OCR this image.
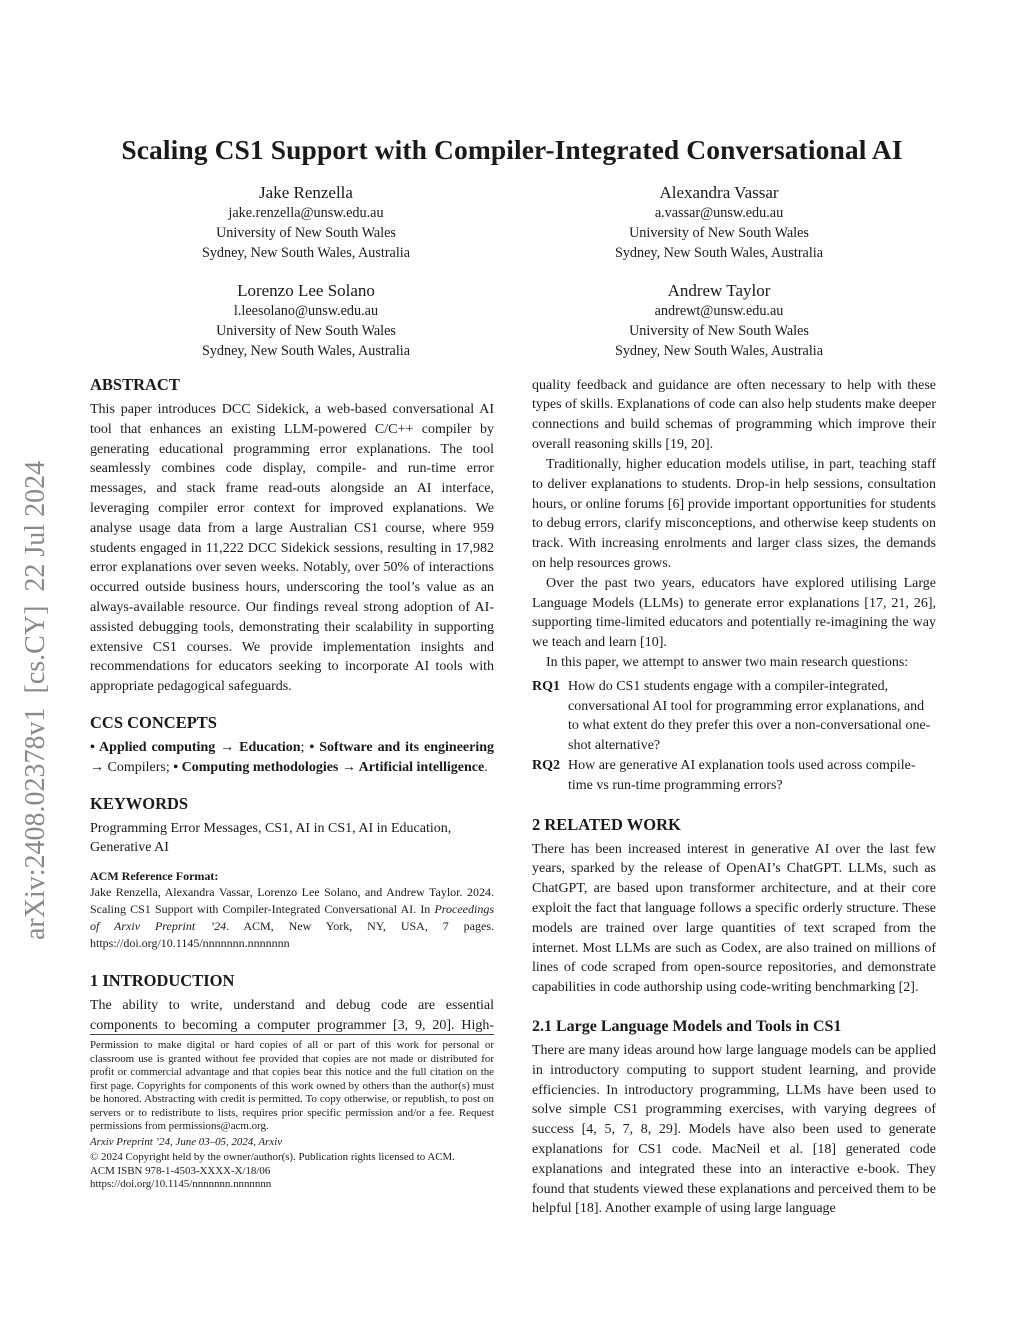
Scaling CS1 Support with Compiler-Integrated Conversational AI
arXiv:2408.02378v1  [cs.CY]  22 Jul 2024
Jake Renzella
jake.renzella@unsw.edu.au
University of New South Wales
Sydney, New South Wales, Australia
Alexandra Vassar
a.vassar@unsw.edu.au
University of New South Wales
Sydney, New South Wales, Australia
Lorenzo Lee Solano
l.leesolano@unsw.edu.au
University of New South Wales
Sydney, New South Wales, Australia
Andrew Taylor
andrewt@unsw.edu.au
University of New South Wales
Sydney, New South Wales, Australia
ABSTRACT

This paper introduces DCC Sidekick, a web-based conversational AI tool that enhances an existing LLM-powered C/C++ compiler by generating educational programming error explanations. The tool seamlessly combines code display, compile- and run-time error messages, and stack frame read-outs alongside an AI interface, leveraging compiler error context for improved explanations. We analyse usage data from a large Australian CS1 course, where 959 students engaged in 11,222 DCC Sidekick sessions, resulting in 17,982 error explanations over seven weeks. Notably, over 50% of interactions occurred outside business hours, underscoring the tool’s value as an always-available resource. Our findings reveal strong adoption of AI-assisted debugging tools, demonstrating their scalability in supporting extensive CS1 courses. We provide implementation insights and recommendations for educators seeking to incorporate AI tools with appropriate pedagogical safeguards.

CCS CONCEPTS

• Applied computing → Education; • Software and its engineering → Compilers; • Computing methodologies → Artificial intelligence.

KEYWORDS

Programming Error Messages, CS1, AI in CS1, AI in Education, Generative AI

ACM Reference Format:

Jake Renzella, Alexandra Vassar, Lorenzo Lee Solano, and Andrew Taylor. 2024. Scaling CS1 Support with Compiler-Integrated Conversational AI. In Proceedings of Arxiv Preprint ’24. ACM, New York, NY, USA, 7 pages. https://doi.org/10.1145/nnnnnnn.nnnnnnn

1 INTRODUCTION

The ability to write, understand and debug code are essential components to becoming a computer programmer [3, 9, 20]. High-

Permission to make digital or hard copies of all or part of this work for personal or classroom use is granted without fee provided that copies are not made or distributed for profit or commercial advantage and that copies bear this notice and the full citation on the first page. Copyrights for components of this work owned by others than the author(s) must be honored. Abstracting with credit is permitted. To copy otherwise, or republish, to post on servers or to redistribute to lists, requires prior specific permission and/or a fee. Request permissions from permissions@acm.org.

Arxiv Preprint ’24, June 03–05, 2024, Arxiv

© 2024 Copyright held by the owner/author(s). Publication rights licensed to ACM.

ACM ISBN 978-1-4503-XXXX-X/18/06

https://doi.org/10.1145/nnnnnnn.nnnnnnn

quality feedback and guidance are often necessary to help with these types of skills. Explanations of code can also help students make deeper connections and build schemas of programming which improve their overall reasoning skills [19, 20].

Traditionally, higher education models utilise, in part, teaching staff to deliver explanations to students. Drop-in help sessions, consultation hours, or online forums [6] provide important opportunities for students to debug errors, clarify misconceptions, and otherwise keep students on track. With increasing enrolments and larger class sizes, the demands on help resources grows.

Over the past two years, educators have explored utilising Large Language Models (LLMs) to generate error explanations [17, 21, 26], supporting time-limited educators and potentially re-imagining the way we teach and learn [10].

In this paper, we attempt to answer two main research questions:

RQ1 How do CS1 students engage with a compiler-integrated, conversational AI tool for programming error explanations, and to what extent do they prefer this over a non-conversational one-shot alternative?
RQ2 How are generative AI explanation tools used across compile-time vs run-time programming errors?
2 RELATED WORK

There has been increased interest in generative AI over the last few years, sparked by the release of OpenAI’s ChatGPT. LLMs, such as ChatGPT, are based upon transformer architecture, and at their core exploit the fact that language follows a specific orderly structure. These models are trained over large quantities of text scraped from the internet. Most LLMs are such as Codex, are also trained on millions of lines of code scraped from open-source repositories, and demonstrate capabilities in code authorship using code-writing benchmarking [2].

2.1 Large Language Models and Tools in CS1

There are many ideas around how large language models can be applied in introductory computing to support student learning, and provide efficiencies. In introductory programming, LLMs have been used to solve simple CS1 programming exercises, with varying degrees of success [4, 5, 7, 8, 29]. Models have also been used to generate explanations for CS1 code. MacNeil et al. [18] generated code explanations and integrated these into an interactive e-book. They found that students viewed these explanations and perceived them to be helpful [18]. Another example of using large language
